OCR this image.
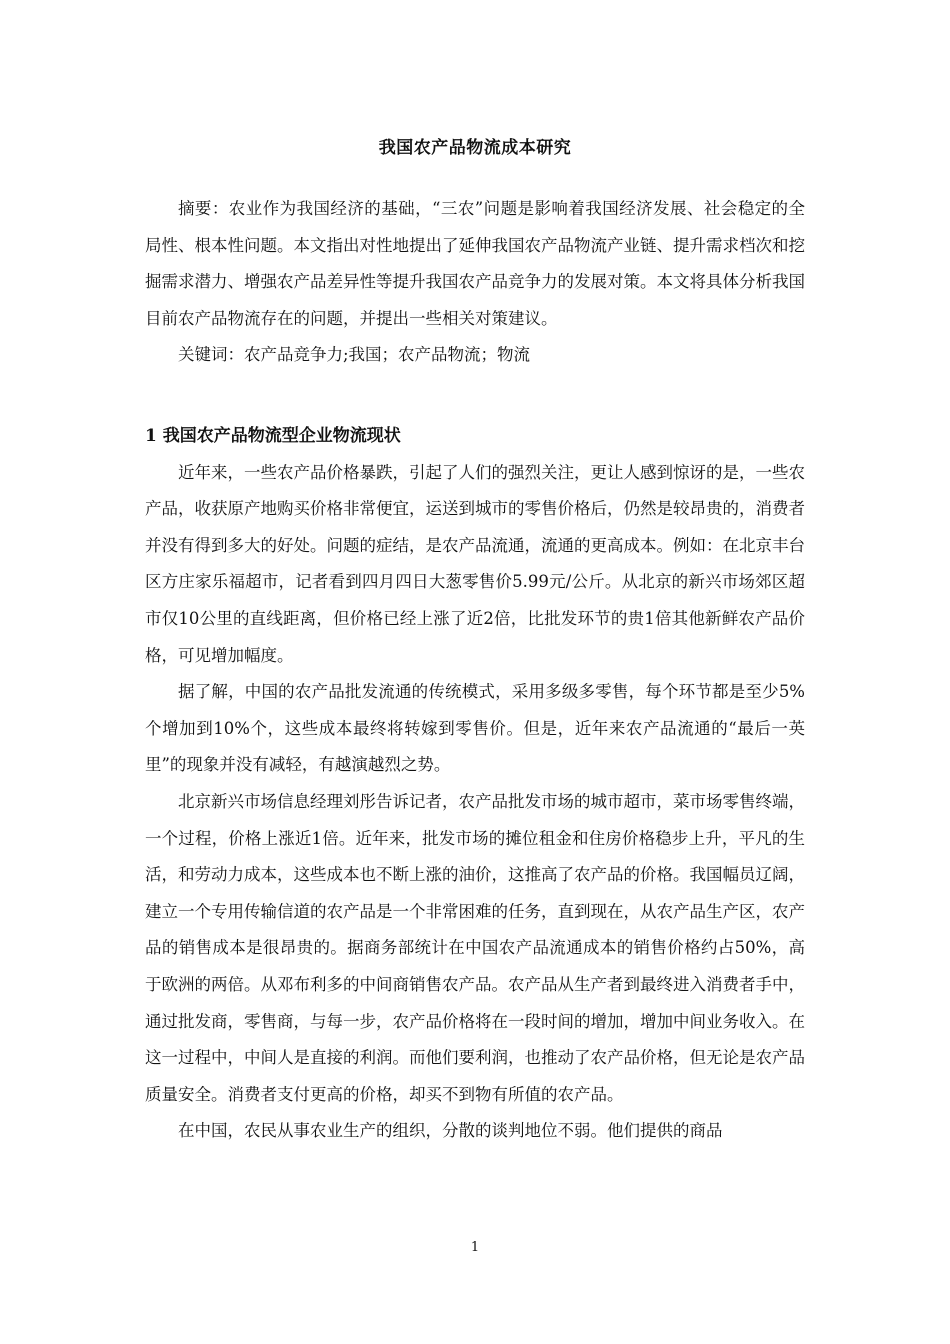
我国农产品物流成本研究

摘要：农业作为我国经济的基础，“三农”问题是影响着我国经济发展、社会稳定的全局性、根本性问题。本文指出对性地提出了延伸我国农产品物流产业链、提升需求档次和挖掘需求潜力、增强农产品差异性等提升我国农产品竞争力的发展对策。本文将具体分析我国目前农产品物流存在的问题，并提出一些相关对策建议。

关键词：农产品竞争力;我国；农产品物流；物流

1 我国农产品物流型企业物流现状

近年来，一些农产品价格暴跌，引起了人们的强烈关注，更让人感到惊讶的是，一些农产品，收获原产地购买价格非常便宜，运送到城市的零售价格后，仍然是较昂贵的，消费者并没有得到多大的好处。问题的症结，是农产品流通，流通的更高成本。例如：在北京丰台区方庄家乐福超市，记者看到四月四日大葱零售价5.99元/公斤。从北京的新兴市场郊区超市仅10公里的直线距离，但价格已经上涨了近2倍，比批发环节的贵1倍其他新鲜农产品价格，可见增加幅度。

据了解，中国的农产品批发流通的传统模式，采用多级多零售，每个环节都是至少5%个增加到10%个，这些成本最终将转嫁到零售价。但是，近年来农产品流通的“最后一英里”的现象并没有减轻，有越演越烈之势。

北京新兴市场信息经理刘彤告诉记者，农产品批发市场的城市超市，菜市场零售终端，一个过程，价格上涨近1倍。近年来，批发市场的摊位租金和住房价格稳步上升，平凡的生活，和劳动力成本，这些成本也不断上涨的油价，这推高了农产品的价格。我国幅员辽阔，建立一个专用传输信道的农产品是一个非常困难的任务，直到现在，从农产品生产区，农产品的销售成本是很昂贵的。据商务部统计在中国农产品流通成本的销售价格约占50%，高于欧洲的两倍。从邓布利多的中间商销售农产品。农产品从生产者到最终进入消费者手中，通过批发商，零售商，与每一步，农产品价格将在一段时间的增加，增加中间业务收入。在这一过程中，中间人是直接的利润。而他们要利润，也推动了农产品价格，但无论是农产品质量安全。消费者支付更高的价格，却买不到物有所值的农产品。

在中国，农民从事农业生产的组织，分散的谈判地位不弱。他们提供的商品

1
